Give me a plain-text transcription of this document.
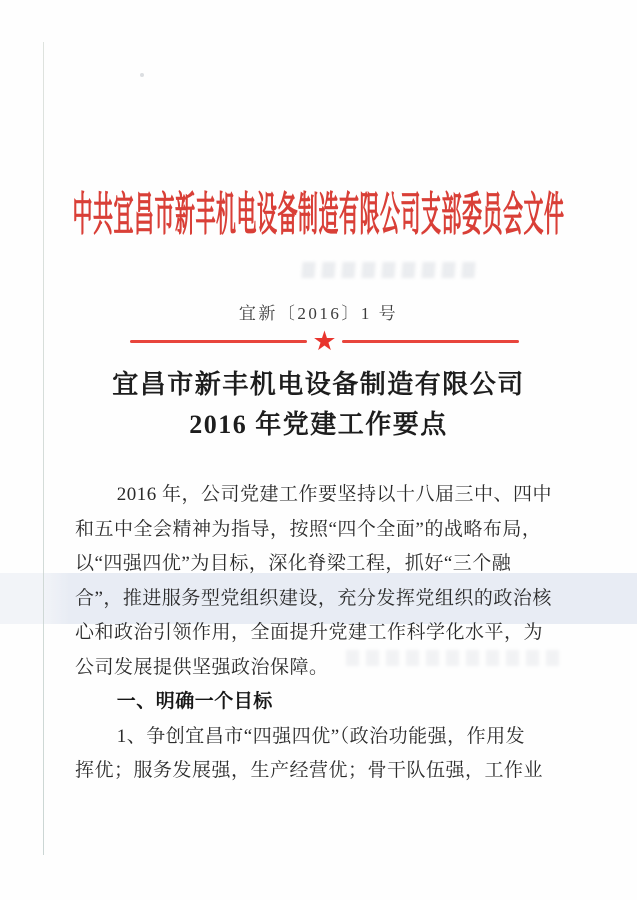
中共宜昌市新丰机电设备制造有限公司支部委员会文件
宜新〔2016〕1 号
★
宜昌市新丰机电设备制造有限公司
2016 年党建工作要点
2016 年，公司党建工作要坚持以十八届三中、四中
和五中全会精神为指导，按照“四个全面”的战略布局，
以“四强四优”为目标，深化脊梁工程，抓好“三个融
合”，推进服务型党组织建设，充分发挥党组织的政治核
心和政治引领作用，全面提升党建工作科学化水平，为
公司发展提供坚强政治保障。
一、明确一个目标
1、争创宜昌市“四强四优”（政治功能强，作用发
挥优；服务发展强，生产经营优；骨干队伍强，工作业
